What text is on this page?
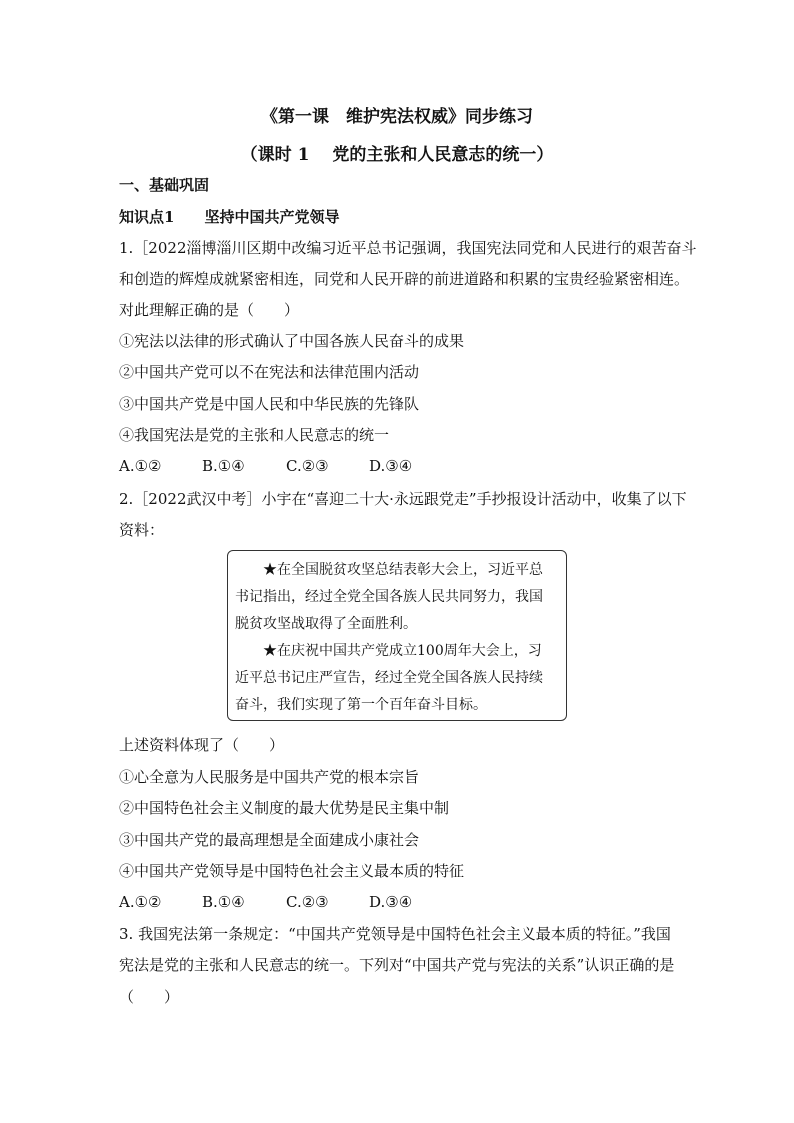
《第一课　维护宪法权威》同步练习
（课时 1　 党的主张和人民意志的统一）
一、基础巩固
知识点1　　坚持中国共产党领导
1.［2022淄博淄川区期中改编习近平总书记强调，我国宪法同党和人民进行的艰苦奋斗
和创造的辉煌成就紧密相连，同党和人民开辟的前进道路和积累的宝贵经验紧密相连。
对此理解正确的是（　　）
①宪法以法律的形式确认了中国各族人民奋斗的成果
②中国共产党可以不在宪法和法律范围内活动
③中国共产党是中国人民和中华民族的先锋队
④我国宪法是党的主张和人民意志的统一
A.①②	B.①④	C.②③	D.③④
2.［2022武汉中考］小宇在“喜迎二十大·永远跟党走”手抄报设计活动中，收集了以下
资料：
★在全国脱贫攻坚总结表彰大会上，习近平总
书记指出，经过全党全国各族人民共同努力，我国
脱贫攻坚战取得了全面胜利。
★在庆祝中国共产党成立100周年大会上，习
近平总书记庄严宣告，经过全党全国各族人民持续
奋斗，我们实现了第一个百年奋斗目标。
上述资料体现了（　　）
①心全意为人民服务是中国共产党的根本宗旨
②中国特色社会主义制度的最大优势是民主集中制
③中国共产党的最高理想是全面建成小康社会
④中国共产党领导是中国特色社会主义最本质的特征
A.①②	B.①④	C.②③	D.③④
3. 我国宪法第一条规定：“中国共产党领导是中国特色社会主义最本质的特征。”我国
宪法是党的主张和人民意志的统一。下列对“中国共产党与宪法的关系”认识正确的是
（　　）
